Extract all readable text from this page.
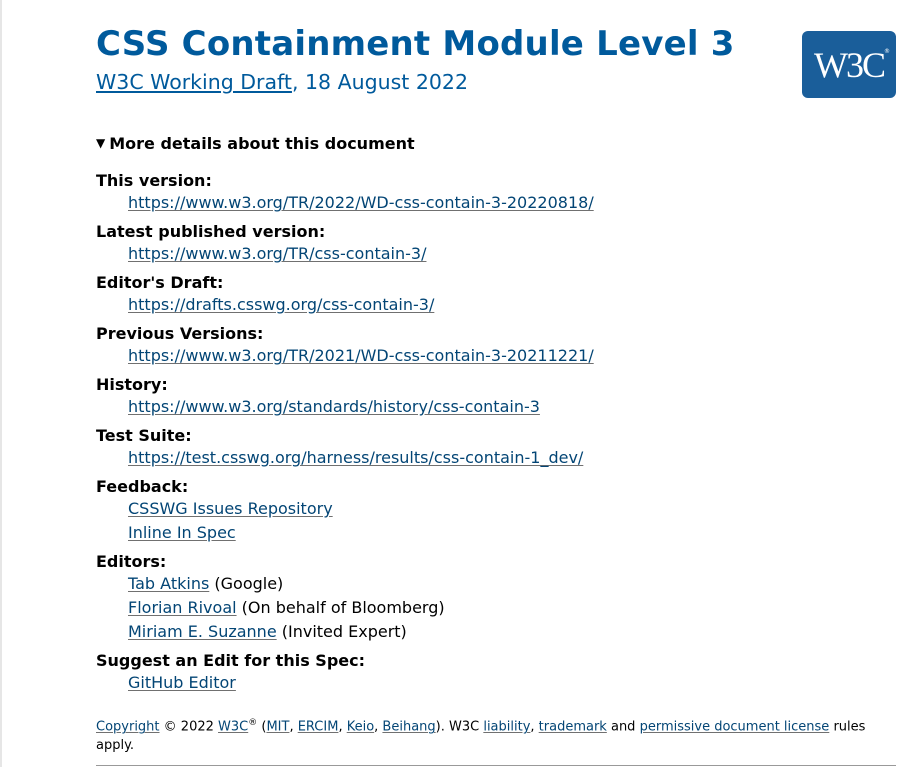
CSS Containment Module Level 3
W3C Working Draft, 18 August 2022	W3C ®
▼ More details about this document
This version:
https://www.w3.org/TR/2022/WD-css-contain-3-20220818/
Latest published version:
https://www.w3.org/TR/css-contain-3/
Editor's Draft:
https://drafts.csswg.org/css-contain-3/
Previous Versions:
https://www.w3.org/TR/2021/WD-css-contain-3-20211221/
History:
https://www.w3.org/standards/history/css-contain-3
Test Suite:
https://test.csswg.org/harness/results/css-contain-1_dev/
Feedback:
CSSWG Issues Repository
Inline In Spec
Editors:
Tab Atkins (Google)
Florian Rivoal (On behalf of Bloomberg)
Miriam E. Suzanne (Invited Expert)
Suggest an Edit for this Spec:
GitHub Editor
Copyright © 2022 W3C® (MIT, ERCIM, Keio, Beihang). W3C liability, trademark and permissive document license rules apply.
